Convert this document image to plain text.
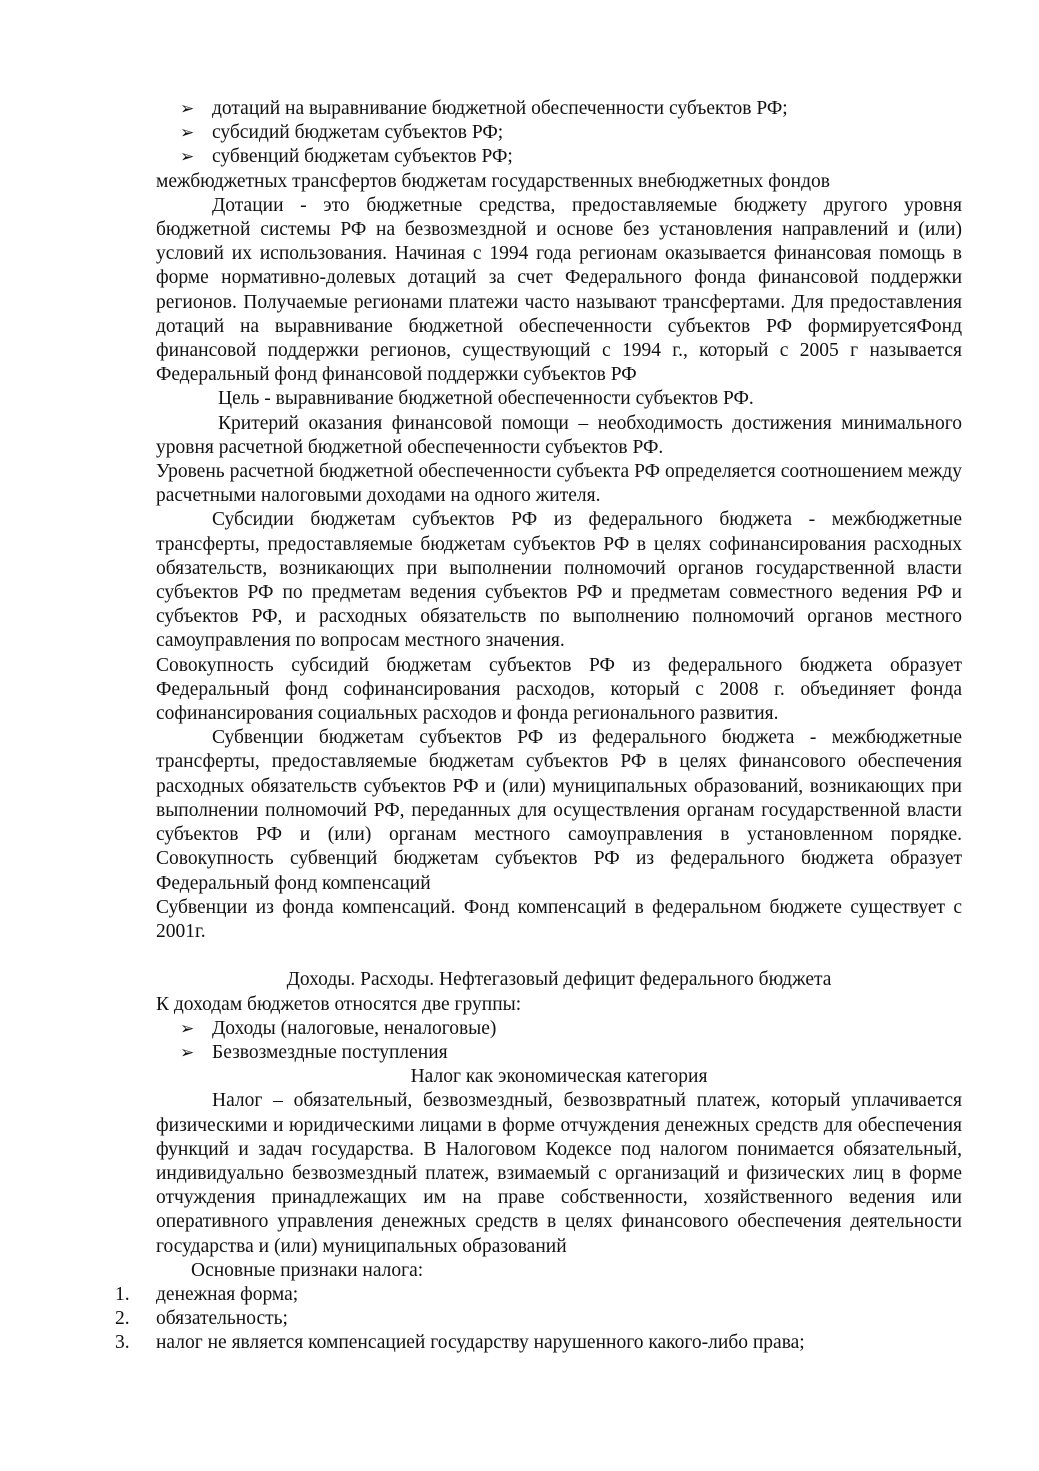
➢ дотаций на выравнивание бюджетной обеспеченности субъектов РФ;
➢ субсидий бюджетам субъектов РФ;
➢ субвенций бюджетам субъектов РФ;

межбюджетных трансфертов бюджетам государственных внебюджетных фондов

Дотации - это бюджетные средства, предоставляемые бюджету другого уровня бюджетной системы РФ на безвозмездной и основе без установления направлений и (или) условий их использования. Начиная с 1994 года регионам оказывается финансовая помощь в форме нормативно-долевых дотаций за счет Федерального фонда финансовой поддержки регионов. Получаемые регионами платежи часто называют трансфертами. Для предоставления дотаций на выравнивание бюджетной обеспеченности субъектов РФ формируетсяФонд финансовой поддержки регионов, существующий с 1994 г., который с 2005 г называется Федеральный фонд финансовой поддержки субъектов РФ

Цель - выравнивание бюджетной обеспеченности субъектов РФ.

Критерий оказания финансовой помощи – необходимость достижения минимального уровня расчетной бюджетной обеспеченности субъектов РФ.

Уровень расчетной бюджетной обеспеченности субъекта РФ определяется соотношением между расчетными налоговыми доходами на одного жителя.

Субсидии бюджетам субъектов РФ из федерального бюджета - межбюджетные трансферты, предоставляемые бюджетам субъектов РФ в целях софинансирования расходных обязательств, возникающих при выполнении полномочий органов государственной власти субъектов РФ по предметам ведения субъектов РФ и предметам совместного ведения РФ и субъектов РФ, и расходных обязательств по выполнению полномочий органов местного самоуправления по вопросам местного значения.

Совокупность субсидий бюджетам субъектов РФ из федерального бюджета образует Федеральный фонд софинансирования расходов, который с 2008 г. объединяет фонда софинансирования социальных расходов и фонда регионального развития.

Субвенции бюджетам субъектов РФ из федерального бюджета - межбюджетные трансферты, предоставляемые бюджетам субъектов РФ в целях финансового обеспечения расходных обязательств субъектов РФ и (или) муниципальных образований, возникающих при выполнении полномочий РФ, переданных для осуществления органам государственной власти субъектов РФ и (или) органам местного самоуправления в установленном порядке. Совокупность субвенций бюджетам субъектов РФ из федерального бюджета образует Федеральный фонд компенсаций

Субвенции из фонда компенсаций. Фонд компенсаций в федеральном бюджете существует с 2001г.

Доходы. Расходы. Нефтегазовый дефицит федерального бюджета

К доходам бюджетов относятся две группы:

➢ Доходы (налоговые, неналоговые)
➢ Безвозмездные поступления

Налог как экономическая категория

Налог – обязательный, безвозмездный, безвозвратный платеж, который уплачивается физическими и юридическими лицами в форме отчуждения денежных средств для обеспечения функций и задач государства. В Налоговом Кодексе под налогом понимается обязательный, индивидуально безвозмездный платеж, взимаемый с организаций и физических лиц в форме отчуждения принадлежащих им на праве собственности, хозяйственного ведения или оперативного управления денежных средств в целях финансового обеспечения деятельности государства и (или) муниципальных образований

Основные признаки налога:

1.	денежная форма;
2.	обязательность;
3.	налог не является компенсацией государству нарушенного какого-либо права;
